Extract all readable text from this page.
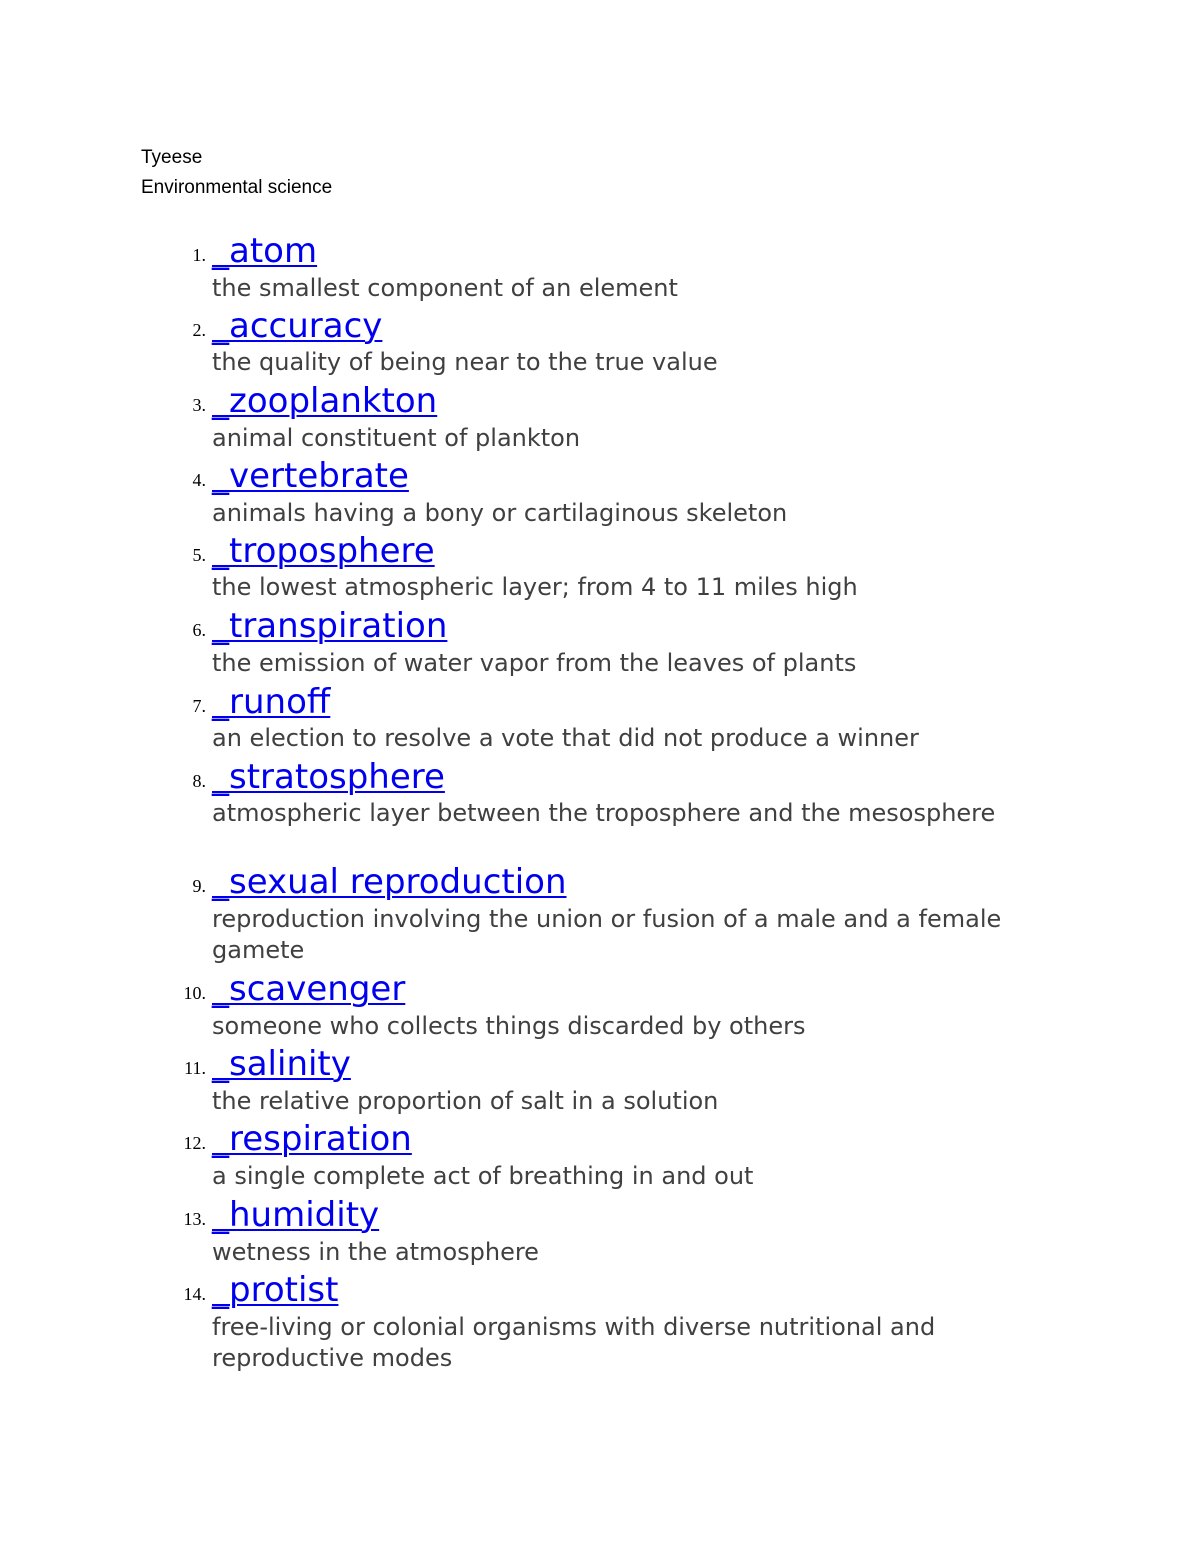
Tyeese
Environmental science
1. _atom
the smallest component of an element
2. _accuracy
the quality of being near to the true value
3. _zooplankton
animal constituent of plankton
4. _vertebrate
animals having a bony or cartilaginous skeleton
5. _troposphere
the lowest atmospheric layer; from 4 to 11 miles high
6. _transpiration
the emission of water vapor from the leaves of plants
7. _runoff
an election to resolve a vote that did not produce a winner
8. _stratosphere
atmospheric layer between the troposphere and the mesosphere
9. _sexual reproduction
reproduction involving the union or fusion of a male and a female gamete
10. _scavenger
someone who collects things discarded by others
11. _salinity
the relative proportion of salt in a solution
12. _respiration
a single complete act of breathing in and out
13. _humidity
wetness in the atmosphere
14. _protist
free-living or colonial organisms with diverse nutritional and reproductive modes
